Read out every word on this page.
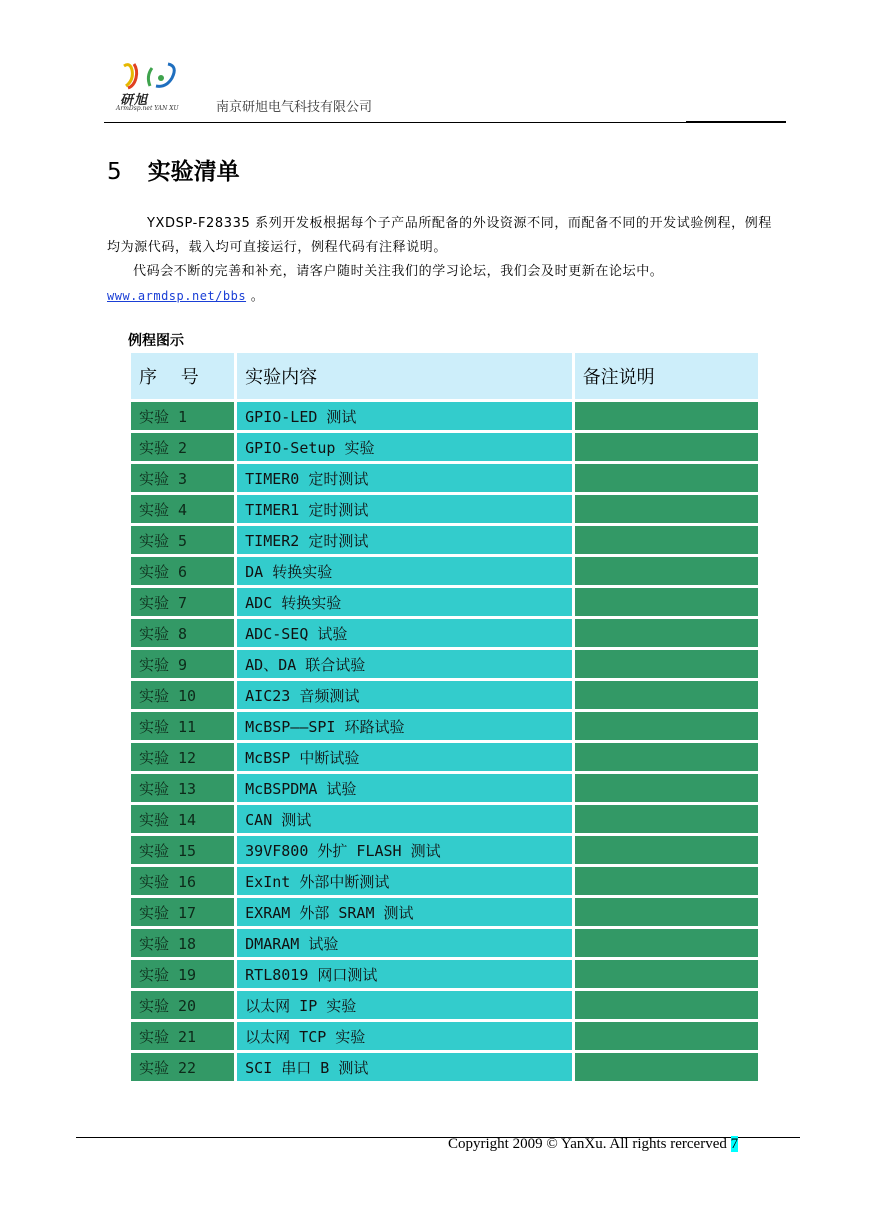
研旭
ArmDsp.net YAN XU	南京研旭电气科技有限公司
5 实验清单
YXDSP-F28335 系列开发板根据每个子产品所配备的外设资源不同，而配备不同的开发试验例程，例程均为源代码，载入均可直接运行，例程代码有注释说明。
代码会不断的完善和补充，请客户随时关注我们的学习论坛，我们会及时更新在论坛中。
www.armdsp.net/bbs 。
例程图示
序　 号	实验内容	备注说明
实验 1	GPIO-LED 测试	
实验 2	GPIO-Setup 实验	
实验 3	TIMER0 定时测试	
实验 4	TIMER1 定时测试	
实验 5	TIMER2 定时测试	
实验 6	DA 转换实验	
实验 7	ADC 转换实验	
实验 8	ADC-SEQ 试验	
实验 9	AD、DA 联合试验	
实验 10	AIC23 音频测试	
实验 11	McBSP——SPI 环路试验	
实验 12	McBSP 中断试验	
实验 13	McBSPDMA 试验	
实验 14	CAN 测试	
实验 15	39VF800 外扩 FLASH 测试	
实验 16	ExInt 外部中断测试	
实验 17	EXRAM 外部 SRAM 测试	
实验 18	DMARAM 试验	
实验 19	RTL8019 网口测试	
实验 20	以太网 IP 实验	
实验 21	以太网 TCP 实验	
实验 22	SCI 串口 B 测试	
Copyright 2009 © YanXu. All rights rercerved 7
